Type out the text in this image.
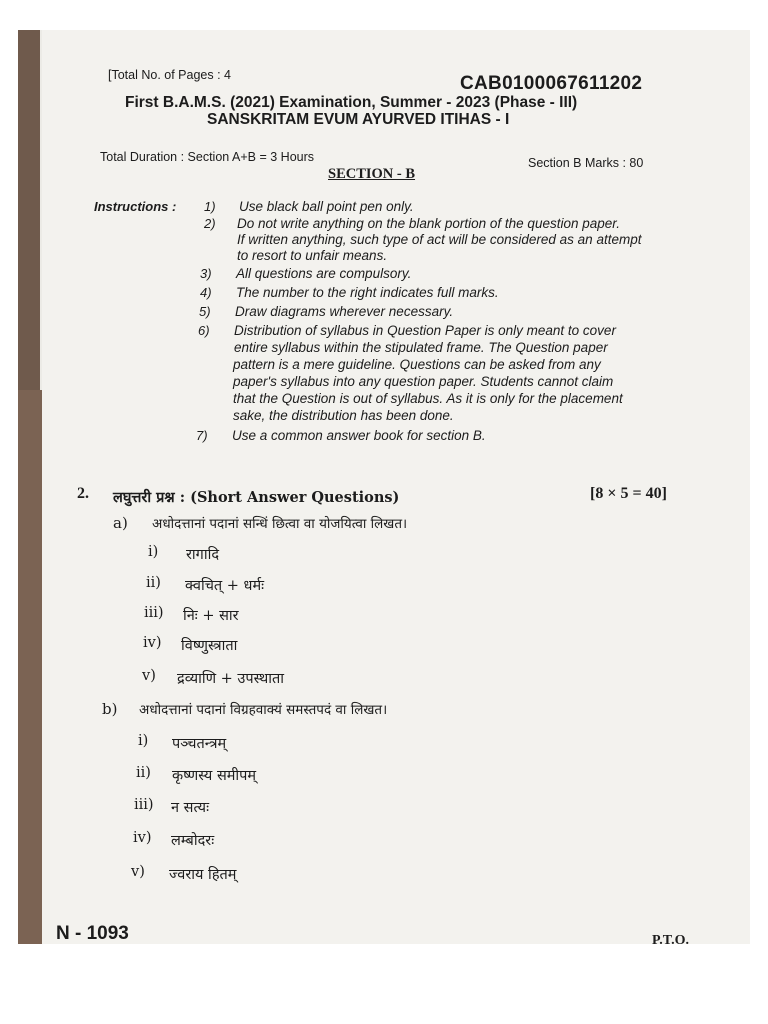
[Total No. of Pages : 4	CAB0100067611202
First B.A.M.S. (2021) Examination, Summer - 2023 (Phase - III)
SANSKRITAM EVUM AYURVED ITIHAS - I
Total Duration : Section A+B = 3 Hours
SECTION - B
Section B Marks : 80
Instructions : 1) Use black ball point pen only.
2) Do not write anything on the blank portion of the question paper.
If written anything, such type of act will be considered as an attempt
to resort to unfair means.
3) All questions are compulsory.
4) The number to the right indicates full marks.
5) Draw diagrams wherever necessary.
6) Distribution of syllabus in Question Paper is only meant to cover
entire syllabus within the stipulated frame. The Question paper
pattern is a mere guideline. Questions can be asked from any
paper's syllabus into any question paper. Students cannot claim
that the Question is out of syllabus. As it is only for the placement
sake, the distribution has been done.
7) Use a common answer book for section B.
2. लघुत्तरी प्रश्न : (Short Answer Questions)	[8 × 5 = 40]
a) अधोदत्तानां पदानां सन्धिं छित्वा वा योजयित्वा लिखत।
i) रागादि
ii) क्वचित् + धर्मः
iii) निः + सार
iv) विष्णुस्त्राता
v) द्रव्याणि + उपस्थाता
b) अधोदत्तानां पदानां विग्रहवाक्यं समस्तपदं वा लिखत।
i) पञ्चतन्त्रम्
ii) कृष्णस्य समीपम्
iii) न सत्यः
iv) लम्बोदरः
v) ज्वराय हितम्
N - 1093	P.T.O.
